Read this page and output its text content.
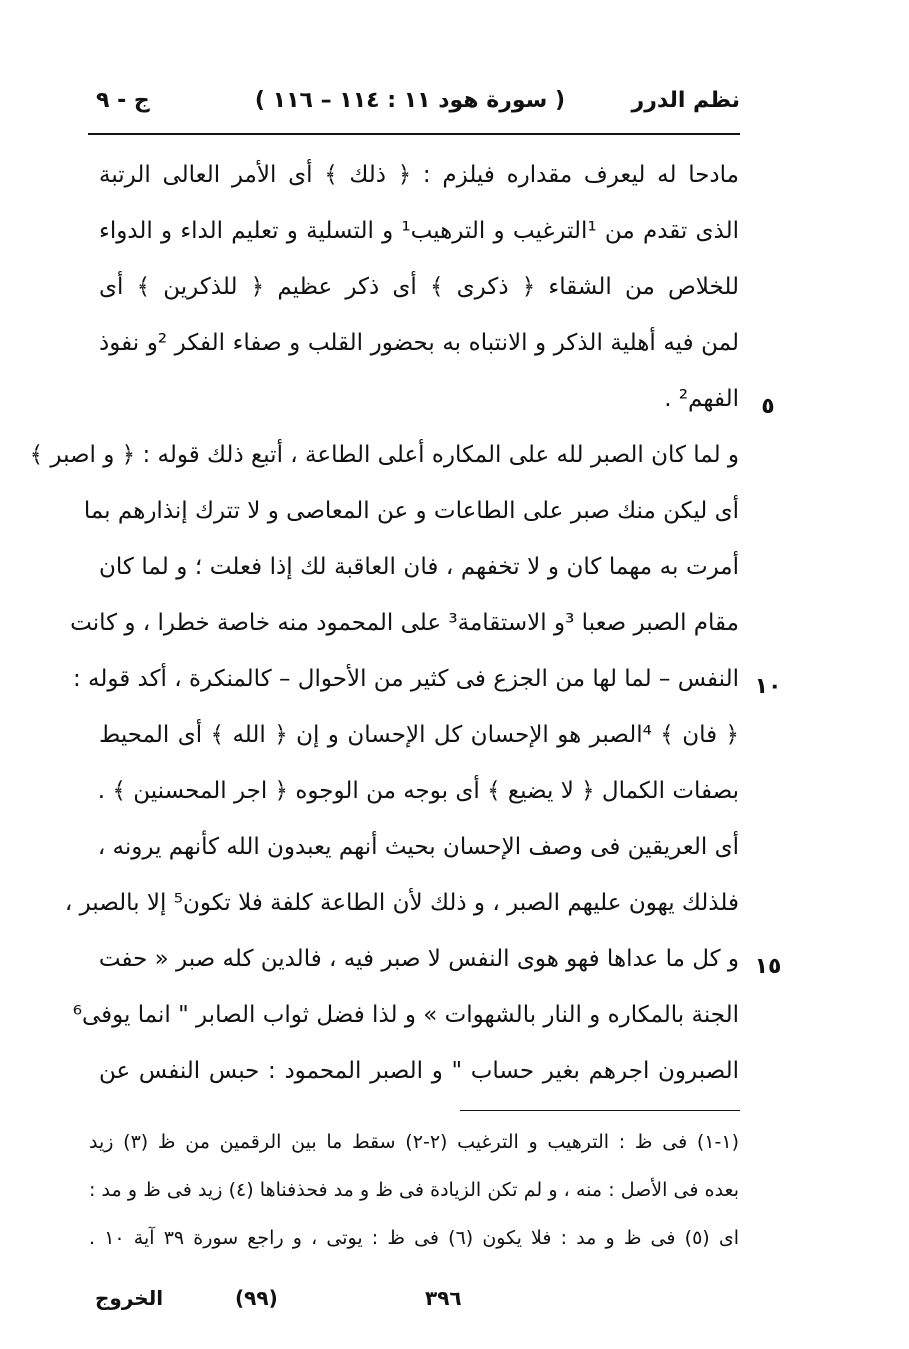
نظم الدرر
( سورة هود ١١ : ١١٤ – ١١٦ )
ج - ٩
مادحا له ليعرف مقداره فيلزم : ﴿ ذلك ﴾ أى الأمر العالى الرتبة
الذى تقدم من ¹الترغيب و الترهيب¹ و التسلية و تعليم الداء و الدواء
للخلاص من الشقاء ﴿ ذكرى ﴾ أى ذكر عظيم ﴿ للذكرين ﴾ أى
لمن فيه أهلية الذكر و الانتباه به بحضور القلب و صفاء الفكر ²و نفوذ
الفهم² .
و لما كان الصبر لله على المكاره أعلى الطاعة ، أتبع ذلك قوله : ﴿ و اصبر ﴾
أى ليكن منك صبر على الطاعات و عن المعاصى و لا تترك إنذارهم بما
أمرت به مهما كان و لا تخفهم ، فان العاقبة لك إذا فعلت ؛ و لما كان
مقام الصبر صعبا ³و الاستقامة³ على المحمود منه خاصة خطرا ، و كانت
النفس – لما لها من الجزع فى كثير من الأحوال – كالمنكرة ، أكد قوله :
﴿ فان ﴾ ⁴الصبر هو الإحسان كل الإحسان و إن ﴿ الله ﴾ أى المحيط
بصفات الكمال ﴿ لا يضيع ﴾ أى بوجه من الوجوه ﴿ اجر المحسنين ﴾ .
أى العريقين فى وصف الإحسان بحيث أنهم يعبدون الله كأنهم يرونه ،
فلذلك يهون عليهم الصبر ، و ذلك لأن الطاعة كلفة فلا تكون⁵ إلا بالصبر ،
و كل ما عداها فهو هوى النفس لا صبر فيه ، فالدين كله صبر « حفت
الجنة بالمكاره و النار بالشهوات » و لذا فضل ثواب الصابر " انما يوفى⁶
الصبرون اجرهم بغير حساب " و الصبر المحمود : حبس النفس عن
٥
١٠
١٥
(١-١) فى ظ : الترهيب و الترغيب (٢-٢) سقط ما بين الرقمين من ظ (٣) زيد
بعده فى الأصل : منه ، و لم تكن الزيادة فى ظ و مد فحذفناها (٤) زيد فى ظ و مد :
اى (٥) فى ظ و مد : فلا يكون (٦) فى ظ : يوتى ، و راجع سورة ٣٩ آية ١٠ .
٣٩٦
(٩٩)
الخروج
